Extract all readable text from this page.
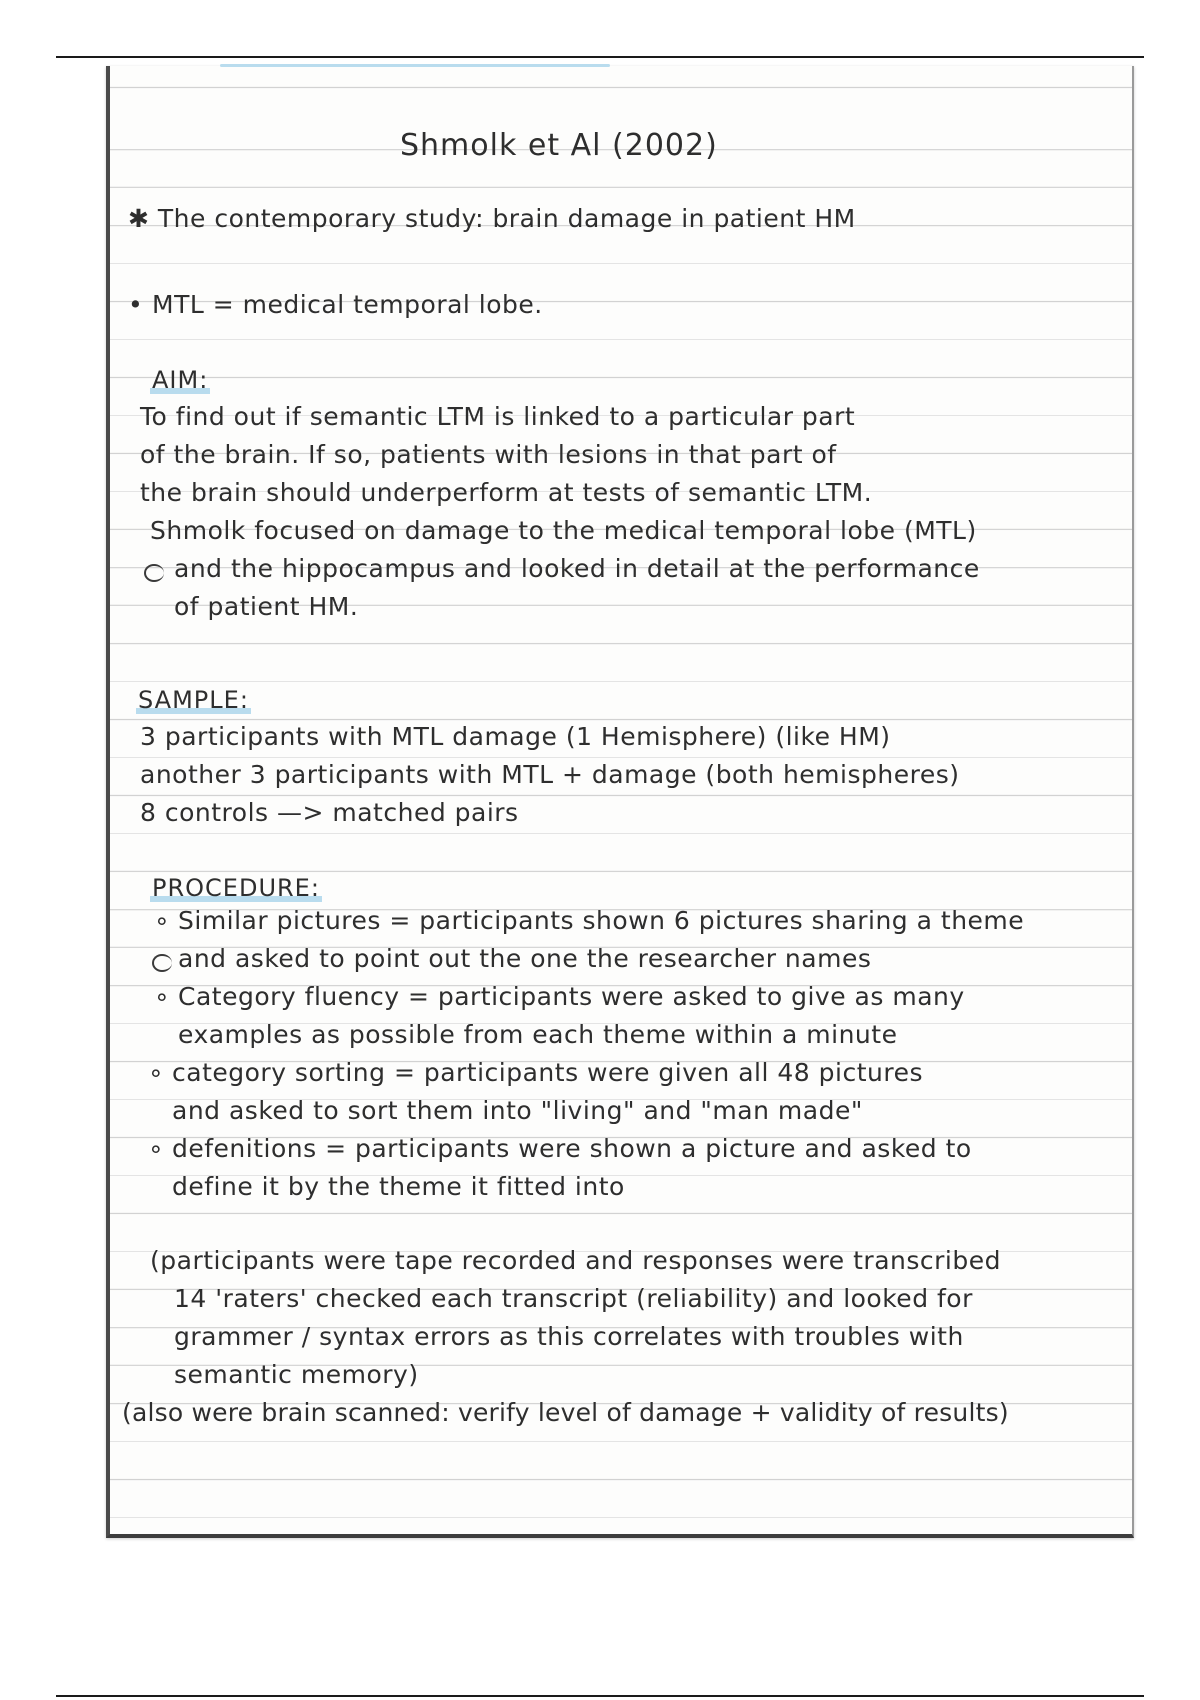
Shmolk et Al (2002)
✱ The contemporary study: brain damage in patient HM
• MTL = medical temporal lobe.
AIM:
To find out if semantic LTM is linked to a particular part
of the brain. If so, patients with lesions in that part of
the brain should underperform at tests of semantic LTM.
Shmolk focused on damage to the medical temporal lobe (MTL)
and the hippocampus and looked in detail at the performance
of patient HM.
SAMPLE:
3 participants with MTL damage (1 Hemisphere) (like HM)
another 3 participants with MTL + damage (both hemispheres)
8 controls —> matched pairs
PROCEDURE:
∘ Similar pictures = participants shown 6 pictures sharing a theme
and asked to point out the one the researcher names
∘ Category fluency = participants were asked to give as many
examples as possible from each theme within a minute
∘ category sorting = participants were given all 48 pictures
and asked to sort them into "living" and "man made"
∘ defenitions = participants were shown a picture and asked to
define it by the theme it fitted into
(participants were tape recorded and responses were transcribed
14 'raters' checked each transcript (reliability) and looked for
grammer / syntax errors as this correlates with troubles with
semantic memory)
(also were brain scanned: verify level of damage + validity of results)
